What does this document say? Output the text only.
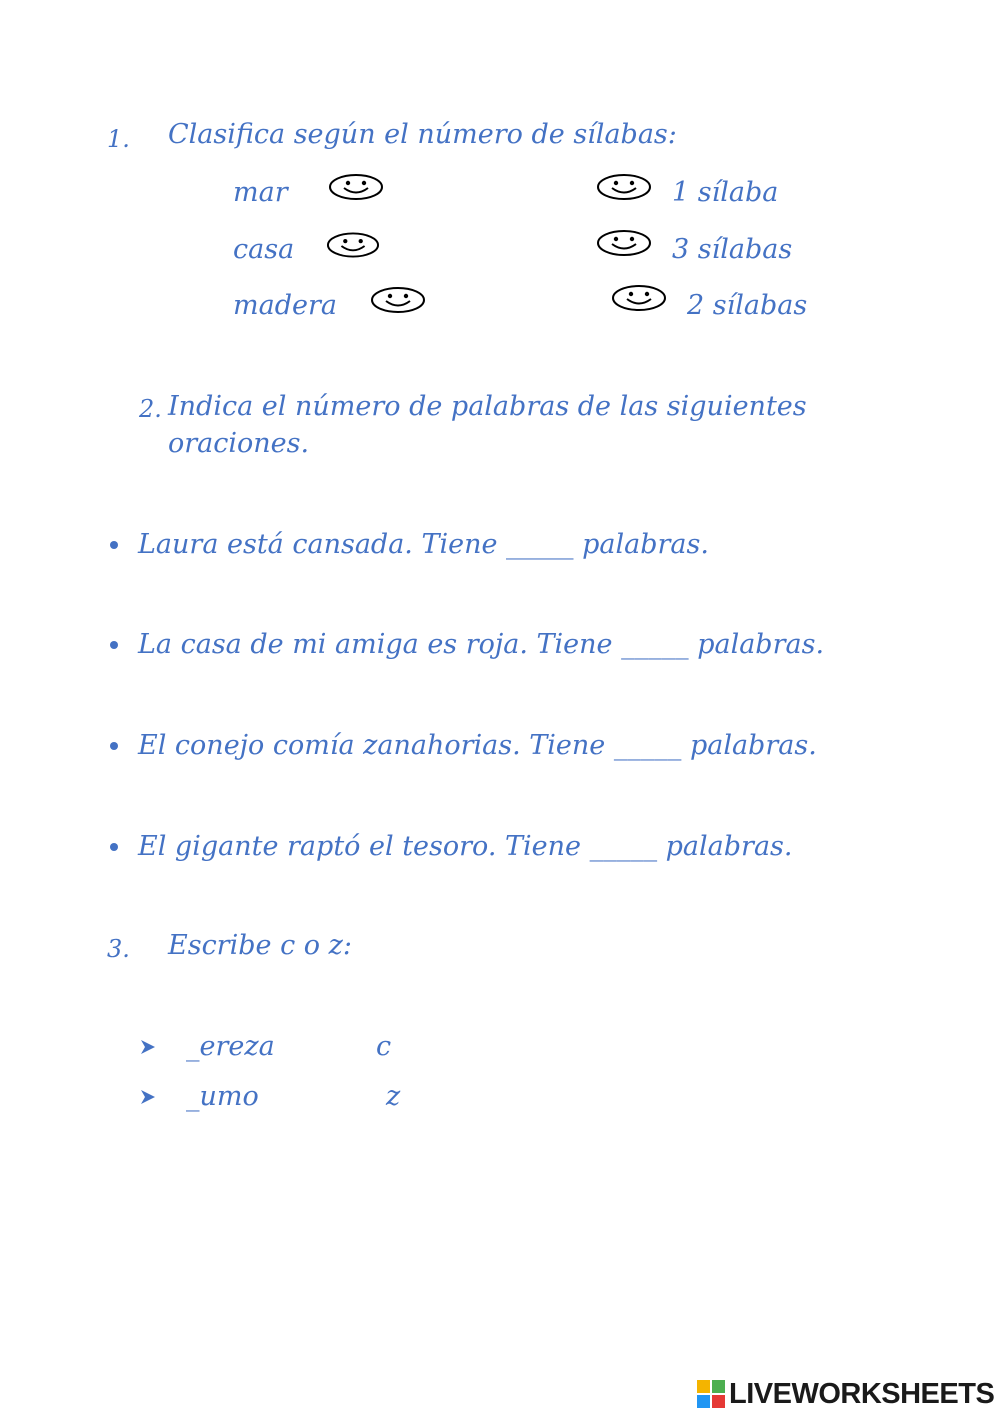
1. Clasifica según el número de sílabas:
mar	1 sílaba
casa	3 sílabas
madera	2 sílabas
2. Indica el número de palabras de las siguientes
oraciones.
Laura está cansada. Tiene _____ palabras.
La casa de mi amiga es roja. Tiene _____ palabras.
El conejo comía zanahorias. Tiene _____ palabras.
El gigante raptó el tesoro. Tiene _____ palabras.
3. Escribe c o z:
_ereza	c
_umo	z
LIVEWORKSHEETS
